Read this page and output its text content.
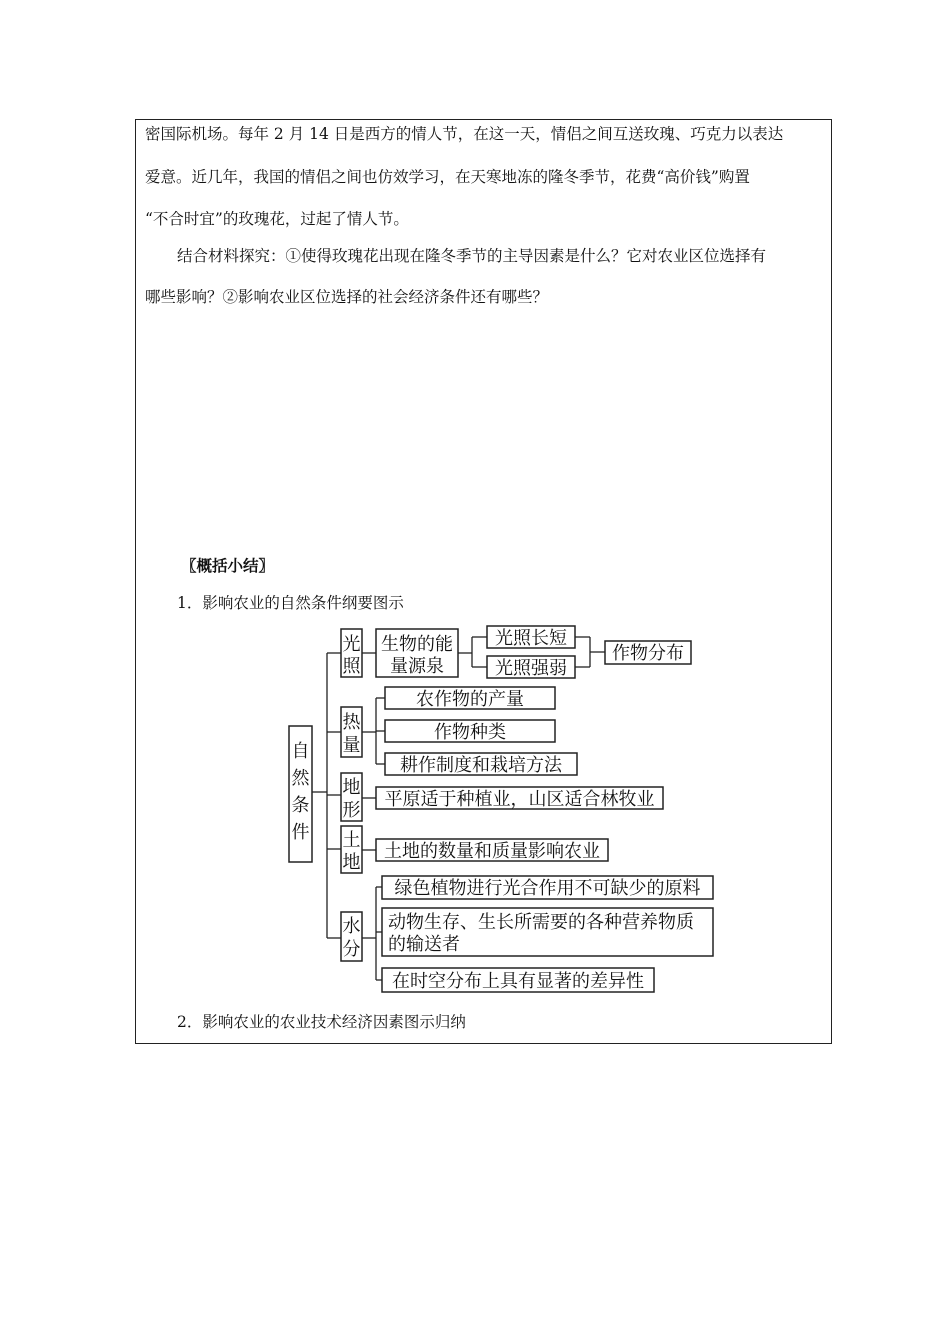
密国际机场。每年 2 月 14 日是西方的情人节，在这一天，情侣之间互送玫瑰、巧克力以表达
爱意。近几年，我国的情侣之间也仿效学习，在天寒地冻的隆冬季节，花费“高价钱”购置
“不合时宜”的玫瑰花，过起了情人节。
结合材料探究：①使得玫瑰花出现在隆冬季节的主导因素是什么？它对农业区位选择有
哪些影响？②影响农业区位选择的社会经济条件还有哪些？
〖概括小结〗
1．影响农业的自然条件纲要图示
2．影响农业的农业技术经济因素图示归纳
自
然
条
件
光
照
生物的能
量源泉
光照长短
光照强弱
作物分布
热
量
农作物的产量
作物种类
耕作制度和栽培方法
地
形
平原适于种植业，山区适合林牧业
土
地
土地的数量和质量影响农业
水
分
绿色植物进行光合作用不可缺少的原料
动物生存、生长所需要的各种营养物质
的输送者
在时空分布上具有显著的差异性
